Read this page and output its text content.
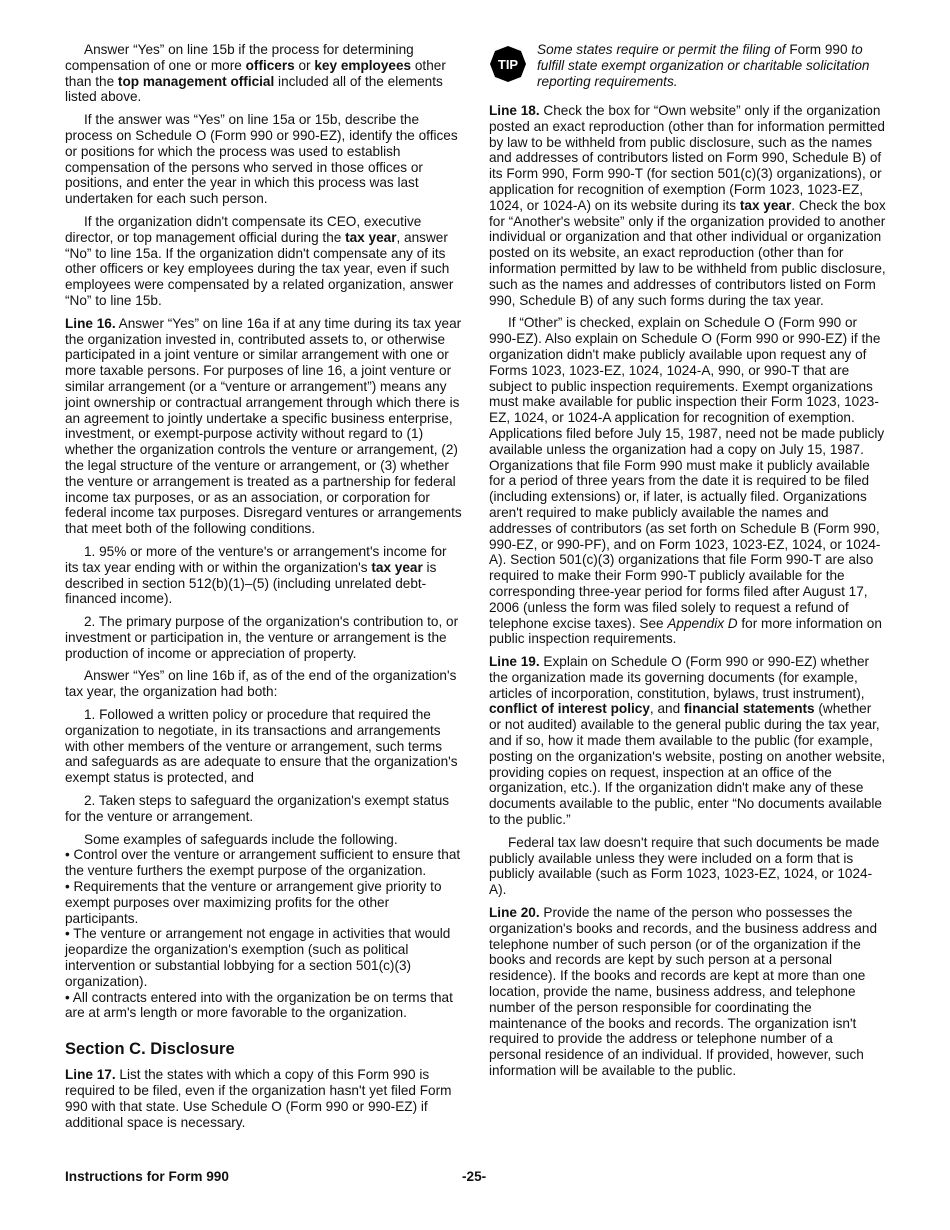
Answer “Yes” on line 15b if the process for determining compensation of one or more officers or key employees other than the top management official included all of the elements listed above.

If the answer was “Yes” on line 15a or 15b, describe the process on Schedule O (Form 990 or 990-EZ), identify the offices or positions for which the process was used to establish compensation of the persons who served in those offices or positions, and enter the year in which this process was last undertaken for each such person.

If the organization didn't compensate its CEO, executive director, or top management official during the tax year, answer “No” to line 15a. If the organization didn't compensate any of its other officers or key employees during the tax year, even if such employees were compensated by a related organization, answer “No” to line 15b.

Line 16. Answer “Yes” on line 16a if at any time during its tax year the organization invested in, contributed assets to, or otherwise participated in a joint venture or similar arrangement with one or more taxable persons. For purposes of line 16, a joint venture or similar arrangement (or a “venture or arrangement”) means any joint ownership or contractual arrangement through which there is an agreement to jointly undertake a specific business enterprise, investment, or exempt-purpose activity without regard to (1) whether the organization controls the venture or arrangement, (2) the legal structure of the venture or arrangement, or (3) whether the venture or arrangement is treated as a partnership for federal income tax purposes, or as an association, or corporation for federal income tax purposes. Disregard ventures or arrangements that meet both of the following conditions.

1. 95% or more of the venture's or arrangement's income for its tax year ending with or within the organization's tax year is described in section 512(b)(1)–(5) (including unrelated debt-financed income).

2. The primary purpose of the organization's contribution to, or investment or participation in, the venture or arrangement is the production of income or appreciation of property.

Answer “Yes” on line 16b if, as of the end of the organization's tax year, the organization had both:

1. Followed a written policy or procedure that required the organization to negotiate, in its transactions and arrangements with other members of the venture or arrangement, such terms and safeguards as are adequate to ensure that the organization's exempt status is protected, and

2. Taken steps to safeguard the organization's exempt status for the venture or arrangement.

Some examples of safeguards include the following.

• Control over the venture or arrangement sufficient to ensure that the venture furthers the exempt purpose of the organization.

• Requirements that the venture or arrangement give priority to exempt purposes over maximizing profits for the other participants.

• The venture or arrangement not engage in activities that would jeopardize the organization's exemption (such as political intervention or substantial lobbying for a section 501(c)(3) organization).

• All contracts entered into with the organization be on terms that are at arm's length or more favorable to the organization.

Section C. Disclosure

Line 17. List the states with which a copy of this Form 990 is required to be filed, even if the organization hasn't yet filed Form 990 with that state. Use Schedule O (Form 990 or 990-EZ) if additional space is necessary.

TIP
Some states require or permit the filing of Form 990 to fulfill state exempt organization or charitable solicitation reporting requirements.

Line 18. Check the box for “Own website” only if the organization posted an exact reproduction (other than for information permitted by law to be withheld from public disclosure, such as the names and addresses of contributors listed on Form 990, Schedule B) of its Form 990, Form 990-T (for section 501(c)(3) organizations), or application for recognition of exemption (Form 1023, 1023-EZ, 1024, or 1024-A) on its website during its tax year. Check the box for “Another's website” only if the organization provided to another individual or organization and that other individual or organization posted on its website, an exact reproduction (other than for information permitted by law to be withheld from public disclosure, such as the names and addresses of contributors listed on Form 990, Schedule B) of any such forms during the tax year.

If “Other” is checked, explain on Schedule O (Form 990 or 990-EZ). Also explain on Schedule O (Form 990 or 990-EZ) if the organization didn't make publicly available upon request any of Forms 1023, 1023-EZ, 1024, 1024-A, 990, or 990-T that are subject to public inspection requirements. Exempt organizations must make available for public inspection their Form 1023, 1023-EZ, 1024, or 1024-A application for recognition of exemption. Applications filed before July 15, 1987, need not be made publicly available unless the organization had a copy on July 15, 1987. Organizations that file Form 990 must make it publicly available for a period of three years from the date it is required to be filed (including extensions) or, if later, is actually filed. Organizations aren't required to make publicly available the names and addresses of contributors (as set forth on Schedule B (Form 990, 990-EZ, or 990-PF), and on Form 1023, 1023-EZ, 1024, or 1024-A). Section 501(c)(3) organizations that file Form 990-T are also required to make their Form 990-T publicly available for the corresponding three-year period for forms filed after August 17, 2006 (unless the form was filed solely to request a refund of telephone excise taxes). See Appendix D for more information on public inspection requirements.

Line 19. Explain on Schedule O (Form 990 or 990-EZ) whether the organization made its governing documents (for example, articles of incorporation, constitution, bylaws, trust instrument), conflict of interest policy, and financial statements (whether or not audited) available to the general public during the tax year, and if so, how it made them available to the public (for example, posting on the organization's website, posting on another website, providing copies on request, inspection at an office of the organization, etc.). If the organization didn't make any of these documents available to the public, enter “No documents available to the public.”

Federal tax law doesn't require that such documents be made publicly available unless they were included on a form that is publicly available (such as Form 1023, 1023-EZ, 1024, or 1024-A).

Line 20. Provide the name of the person who possesses the organization's books and records, and the business address and telephone number of such person (or of the organization if the books and records are kept by such person at a personal residence). If the books and records are kept at more than one location, provide the name, business address, and telephone number of the person responsible for coordinating the maintenance of the books and records. The organization isn't required to provide the address or telephone number of a personal residence of an individual. If provided, however, such information will be available to the public.

Instructions for Form 990	-25-
